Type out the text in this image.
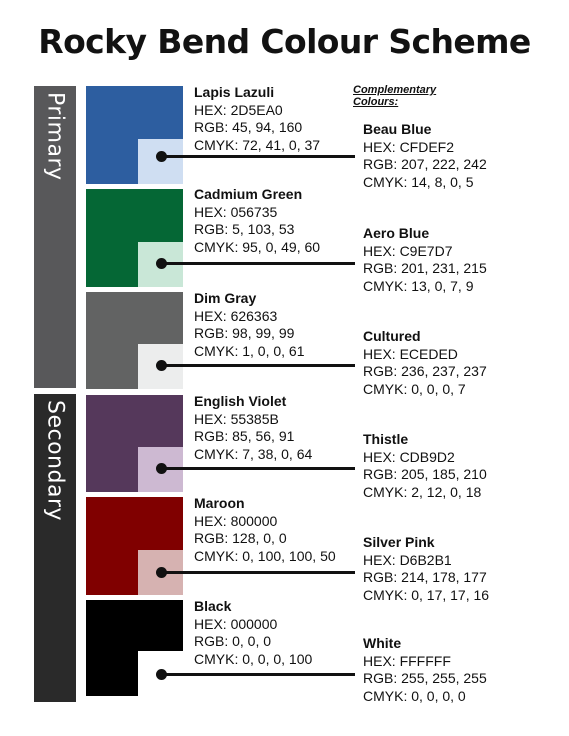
Rocky Bend Colour Scheme
Primary
Secondary
Complementary
Colours:
Lapis Lazuli
HEX: 2D5EA0
RGB: 45, 94, 160
CMYK: 72, 41, 0, 37
Beau Blue
HEX: CFDEF2
RGB: 207, 222, 242
CMYK: 14, 8, 0, 5
Cadmium Green
HEX: 056735
RGB: 5, 103, 53
CMYK: 95, 0, 49, 60
Aero Blue
HEX: C9E7D7
RGB: 201, 231, 215
CMYK: 13, 0, 7, 9
Dim Gray
HEX: 626363
RGB: 98, 99, 99
CMYK: 1, 0, 0, 61
Cultured
HEX: ECEDED
RGB: 236, 237, 237
CMYK: 0, 0, 0, 7
English Violet
HEX: 55385B
RGB: 85, 56, 91
CMYK: 7, 38, 0, 64
Thistle
HEX: CDB9D2
RGB: 205, 185, 210
CMYK: 2, 12, 0, 18
Maroon
HEX: 800000
RGB: 128, 0, 0
CMYK: 0, 100, 100, 50
Silver Pink
HEX: D6B2B1
RGB: 214, 178, 177
CMYK: 0, 17, 17, 16
Black
HEX: 000000
RGB: 0, 0, 0
CMYK: 0, 0, 0, 100
White
HEX: FFFFFF
RGB: 255, 255, 255
CMYK: 0, 0, 0, 0
